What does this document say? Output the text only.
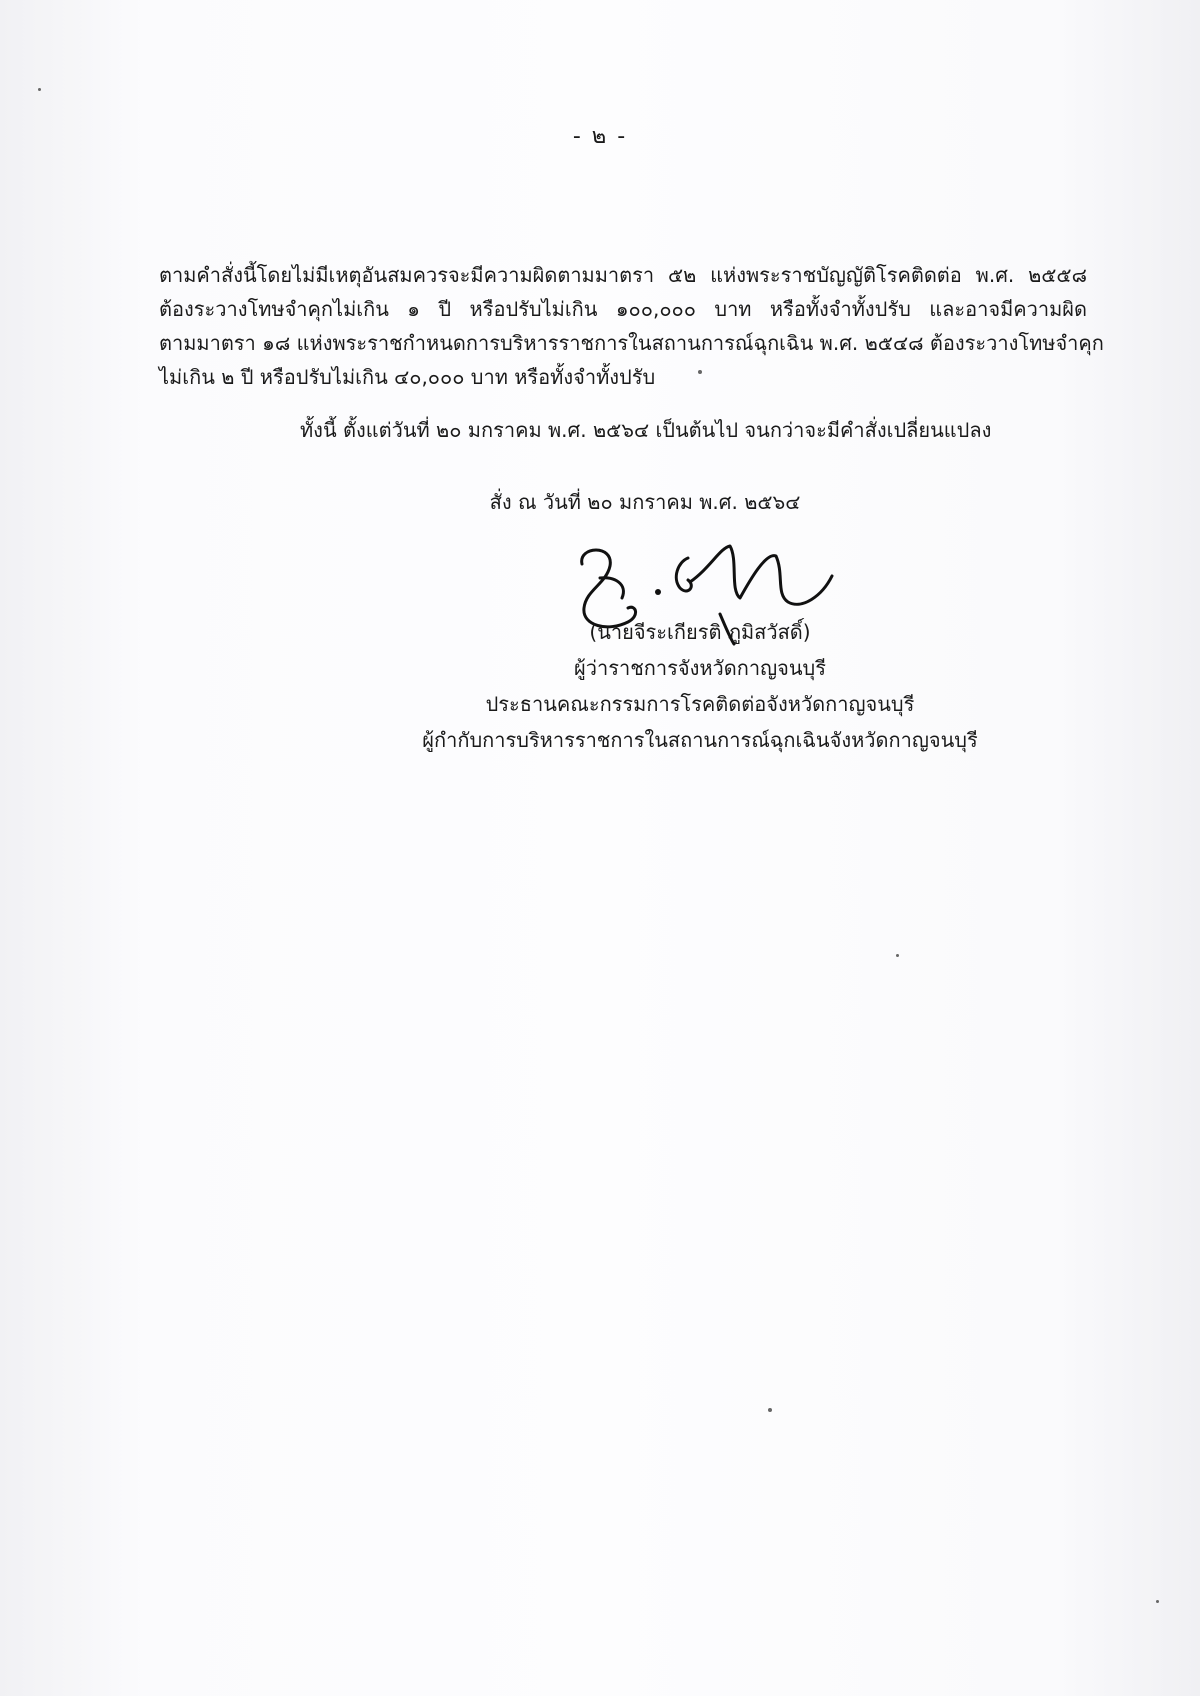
- ๒ -
ตามคำสั่งนี้โดยไม่มีเหตุอันสมควรจะมีความผิดตามมาตรา ๕๒ แห่งพระราชบัญญัติโรคติดต่อ พ.ศ. ๒๕๕๘
ต้องระวางโทษจำคุกไม่เกิน ๑ ปี หรือปรับไม่เกิน ๑๐๐,๐๐๐ บาท หรือทั้งจำทั้งปรับ และอาจมีความผิด
ตามมาตรา ๑๘ แห่งพระราชกำหนดการบริหารราชการในสถานการณ์ฉุกเฉิน พ.ศ. ๒๕๔๘ ต้องระวางโทษจำคุก
ไม่เกิน ๒ ปี หรือปรับไม่เกิน ๔๐,๐๐๐ บาท หรือทั้งจำทั้งปรับ
ทั้งนี้ ตั้งแต่วันที่ ๒๐ มกราคม พ.ศ. ๒๕๖๔ เป็นต้นไป จนกว่าจะมีคำสั่งเปลี่ยนแปลง
สั่ง ณ วันที่ ๒๐ มกราคม พ.ศ. ๒๕๖๔
(นายจีระเกียรติ ภูมิสวัสดิ์)
ผู้ว่าราชการจังหวัดกาญจนบุรี
ประธานคณะกรรมการโรคติดต่อจังหวัดกาญจนบุรี
ผู้กำกับการบริหารราชการในสถานการณ์ฉุกเฉินจังหวัดกาญจนบุรี
